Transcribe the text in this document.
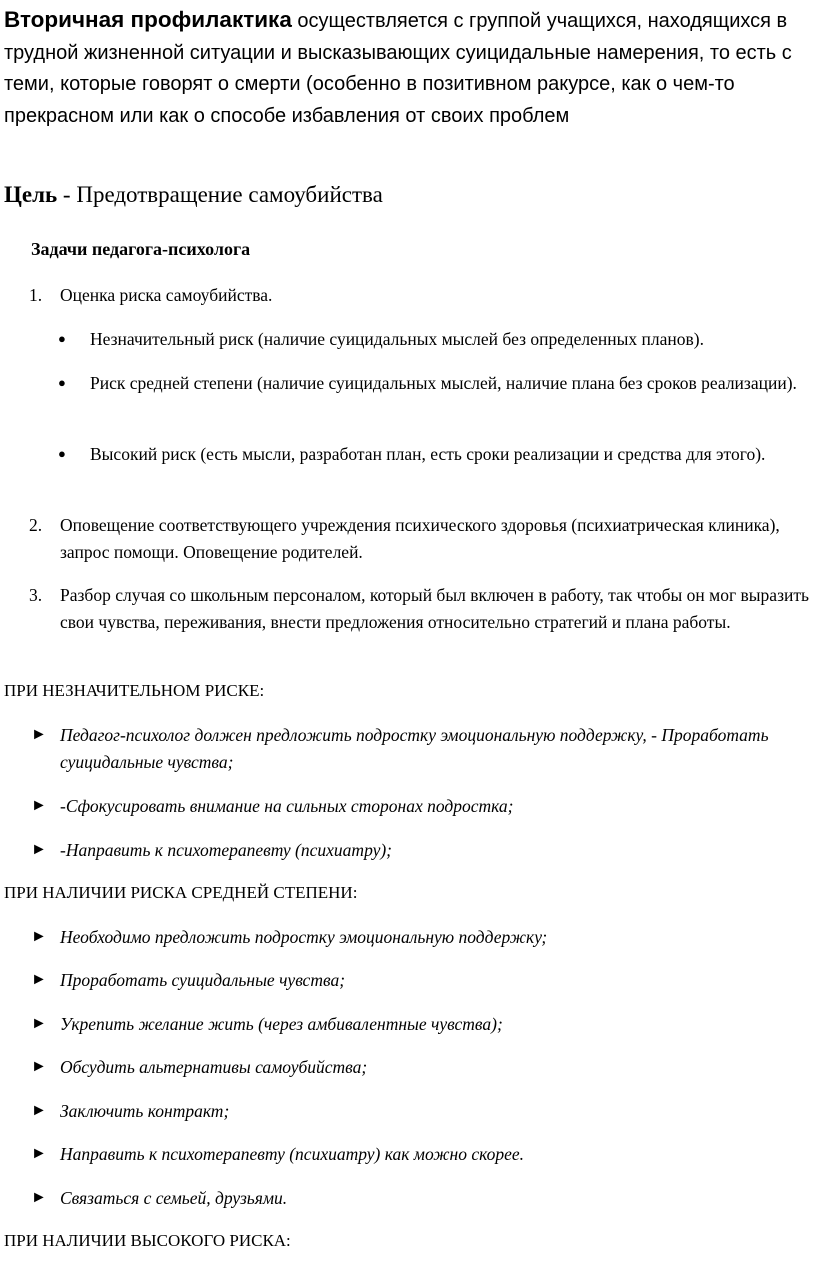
Вторичная профилактика осуществляется с группой учащихся, находящихся в трудной жизненной ситуации и высказывающих суицидальные намерения, то есть с теми, которые говорят о смерти (особенно в позитивном ракурсе, как о чем-то прекрасном или как о способе избавления от своих проблем
Цель - Предотвращение самоубийства
Задачи педагога-психолога
1. Оценка риска самоубийства.
● Незначительный риск (наличие суицидальных мыслей без определенных планов).
● Риск средней степени (наличие суицидальных мыслей, наличие плана без сроков реализации).
● Высокий риск (есть мысли, разработан план, есть сроки реализации и средства для этого).
2. Оповещение соответствующего учреждения психического здоровья (психиатрическая клиника), запрос помощи. Оповещение родителей.
3. Разбор случая со школьным персоналом, который был включен в работу, так чтобы он мог выразить свои чувства, переживания, внести предложения относительно стратегий и плана работы.
ПРИ НЕЗНАЧИТЕЛЬНОМ РИСКЕ:
► Педагог-психолог должен предложить подростку эмоциональную поддержку, - Проработать суицидальные чувства;
► -Сфокусировать внимание на сильных сторонах подростка;
► -Направить к психотерапевту (психиатру);
ПРИ НАЛИЧИИ РИСКА СРЕДНЕЙ СТЕПЕНИ:
► Необходимо предложить подростку эмоциональную поддержку;
► Проработать суицидальные чувства;
► Укрепить желание жить (через амбивалентные чувства);
► Обсудить альтернативы самоубийства;
► Заключить контракт;
► Направить к психотерапевту (психиатру) как можно скорее.
► Связаться с семьей, друзьями.
ПРИ НАЛИЧИИ ВЫСОКОГО РИСКА:
